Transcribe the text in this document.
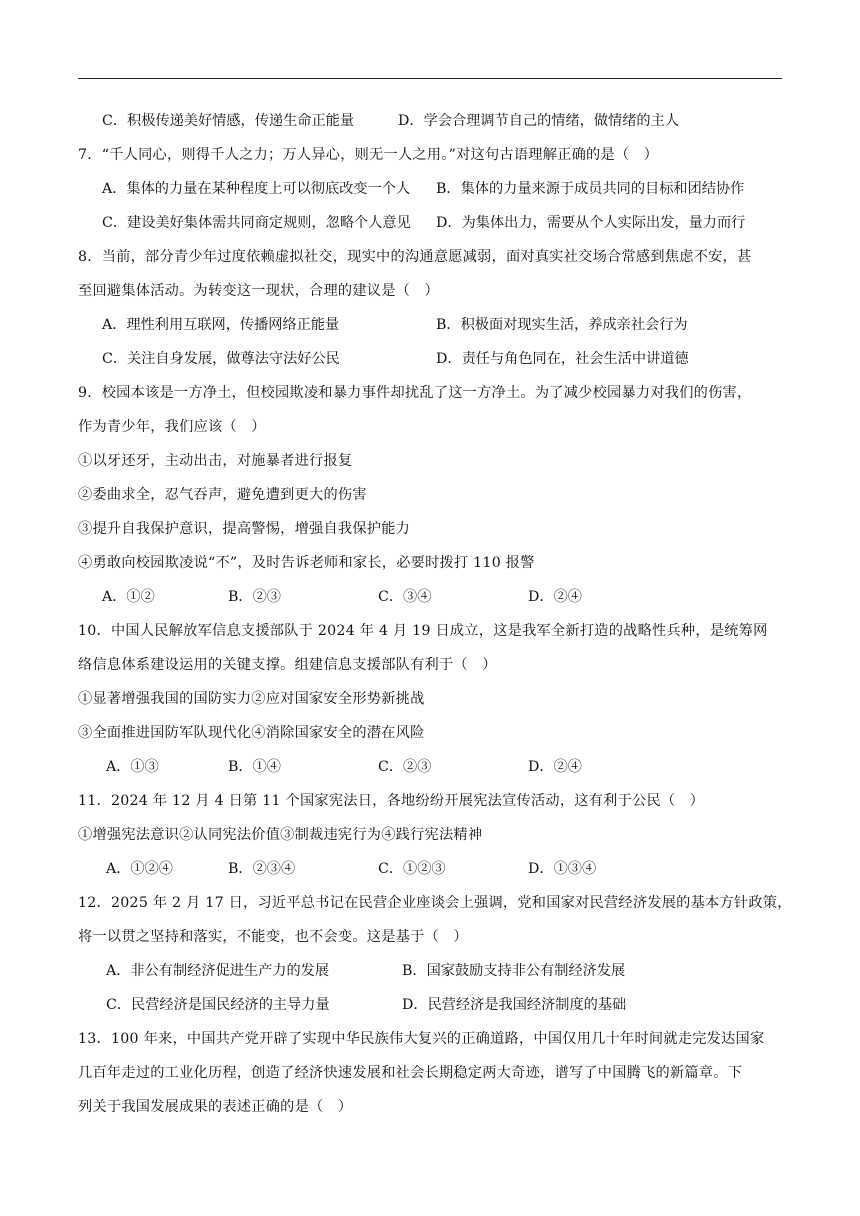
C．积极传递美好情感，传递生命正能量	D．学会合理调节自己的情绪，做情绪的主人
7．“千人同心，则得千人之力；万人异心，则无一人之用。”对这句古语理解正确的是（　）
A．集体的力量在某种程度上可以彻底改变一个人 B．集体的力量来源于成员共同的目标和团结协作
C．建设美好集体需共同商定规则，忽略个人意见 D．为集体出力，需要从个人实际出发，量力而行
8．当前，部分青少年过度依赖虚拟社交，现实中的沟通意愿减弱，面对真实社交场合常感到焦虑不安，甚
至回避集体活动。为转变这一现状，合理的建议是（　）
A．理性利用互联网，传播网络正能量	B．积极面对现实生活，养成亲社会行为
C．关注自身发展，做尊法守法好公民	D．责任与角色同在，社会生活中讲道德
9．校园本该是一方净土，但校园欺凌和暴力事件却扰乱了这一方净土。为了减少校园暴力对我们的伤害，
作为青少年，我们应该（　）
①以牙还牙，主动出击，对施暴者进行报复
②委曲求全，忍气吞声，避免遭到更大的伤害
③提升自我保护意识，提高警惕，增强自我保护能力
④勇敢向校园欺凌说“不”，及时告诉老师和家长，必要时拨打 110 报警
A．①②	B．②③	C．③④	D．②④
10．中国人民解放军信息支援部队于 2024 年 4 月 19 日成立，这是我军全新打造的战略性兵种，是统筹网
络信息体系建设运用的关键支撑。组建信息支援部队有利于（　）
①显著增强我国的国防实力②应对国家安全形势新挑战
③全面推进国防军队现代化④消除国家安全的潜在风险
A．①③	B．①④	C．②③	D．②④
11．2024 年 12 月 4 日第 11 个国家宪法日，各地纷纷开展宪法宣传活动，这有利于公民（　）
①增强宪法意识②认同宪法价值③制裁违宪行为④践行宪法精神
A．①②④	B．②③④	C．①②③	D．①③④
12．2025 年 2 月 17 日，习近平总书记在民营企业座谈会上强调，党和国家对民营经济发展的基本方针政策，
将一以贯之坚持和落实，不能变，也不会变。这是基于（　）
A．非公有制经济促进生产力的发展	B．国家鼓励支持非公有制经济发展
C．民营经济是国民经济的主导力量	D．民营经济是我国经济制度的基础
13．100 年来，中国共产党开辟了实现中华民族伟大复兴的正确道路，中国仅用几十年时间就走完发达国家
几百年走过的工业化历程，创造了经济快速发展和社会长期稳定两大奇迹，谱写了中国腾飞的新篇章。下
列关于我国发展成果的表述正确的是（　）
